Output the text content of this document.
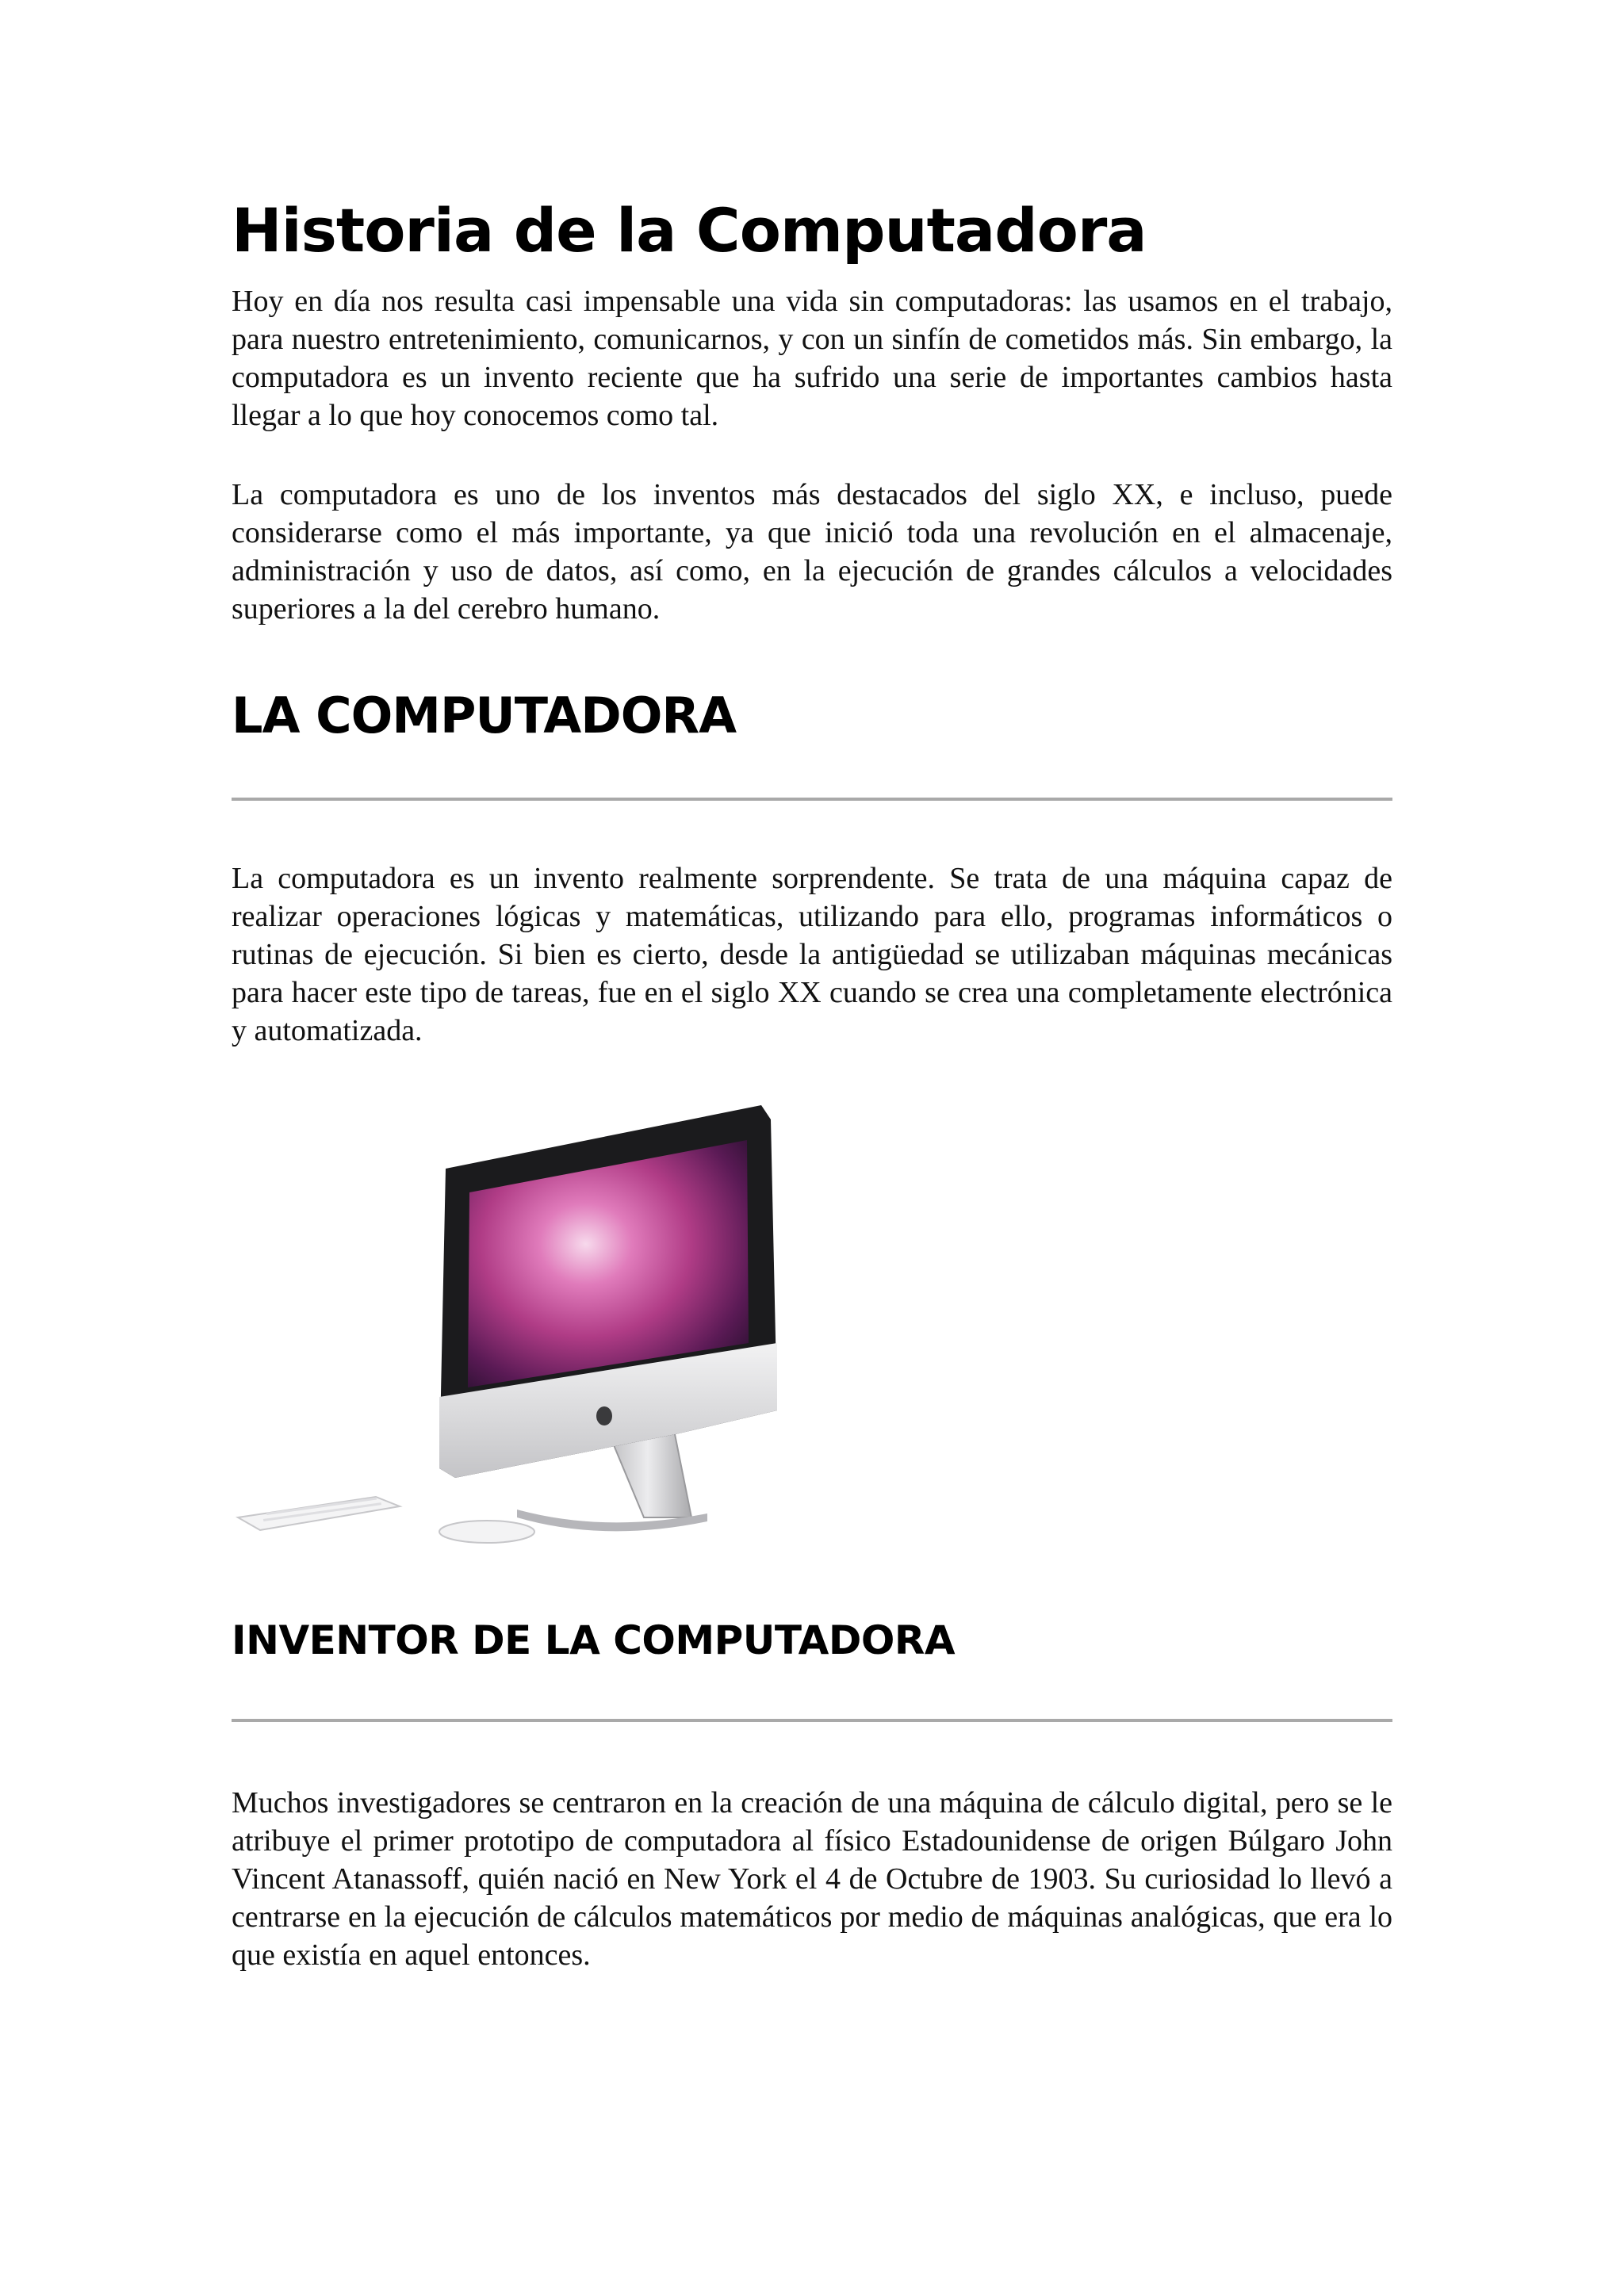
Historia de la Computadora

Hoy en día nos resulta casi impensable una vida sin computadoras: las usamos en el trabajo, para nuestro entretenimiento, comunicarnos, y con un sinfín de cometidos más. Sin embargo, la computadora es un invento reciente que ha sufrido una serie de importantes cambios hasta llegar a lo que hoy conocemos como tal.

La computadora es uno de los inventos más destacados del siglo XX, e incluso, puede considerarse como el más importante, ya que inició toda una revolución en el almacenaje, administración y uso de datos, así como, en la ejecución de grandes cálculos a velocidades superiores a la del cerebro humano.

LA COMPUTADORA

La computadora es un invento realmente sorprendente. Se trata de una máquina capaz de realizar operaciones lógicas y matemáticas, utilizando para ello, programas informáticos o rutinas de ejecución. Si bien es cierto, desde la antigüedad se utilizaban máquinas mecánicas para hacer este tipo de tareas, fue en el siglo XX cuando se crea una completamente electrónica y automatizada.

INVENTOR DE LA COMPUTADORA

Muchos investigadores se centraron en la creación de una máquina de cálculo digital, pero se le atribuye el primer prototipo de computadora al físico Estadounidense de origen Búlgaro John Vincent Atanassoff, quién nació en New York el 4 de Octubre de 1903. Su curiosidad lo llevó a centrarse en la ejecución de cálculos matemáticos por medio de máquinas analógicas, que era lo que existía en aquel entonces.
